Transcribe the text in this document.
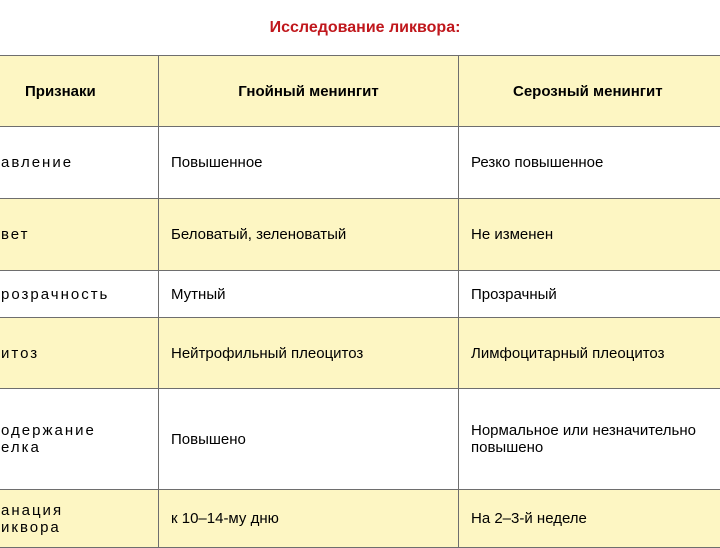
Исследование ликвора:
Признаки	Гнойный менингит	Серозный менингит

авление	Повышенное	Резко повышенное

вет	Беловатый, зеленоватый	Не изменен

розрачность	Мутный	Прозрачный

итоз	Нейтрофильный плеоцитоз	Лимфоцитарный плеоцитоз

одержание
елка	Повышено	Нормальное или незначительно повышено

анация
иквора	к 10–14-му дню	На 2–3-й неделе
